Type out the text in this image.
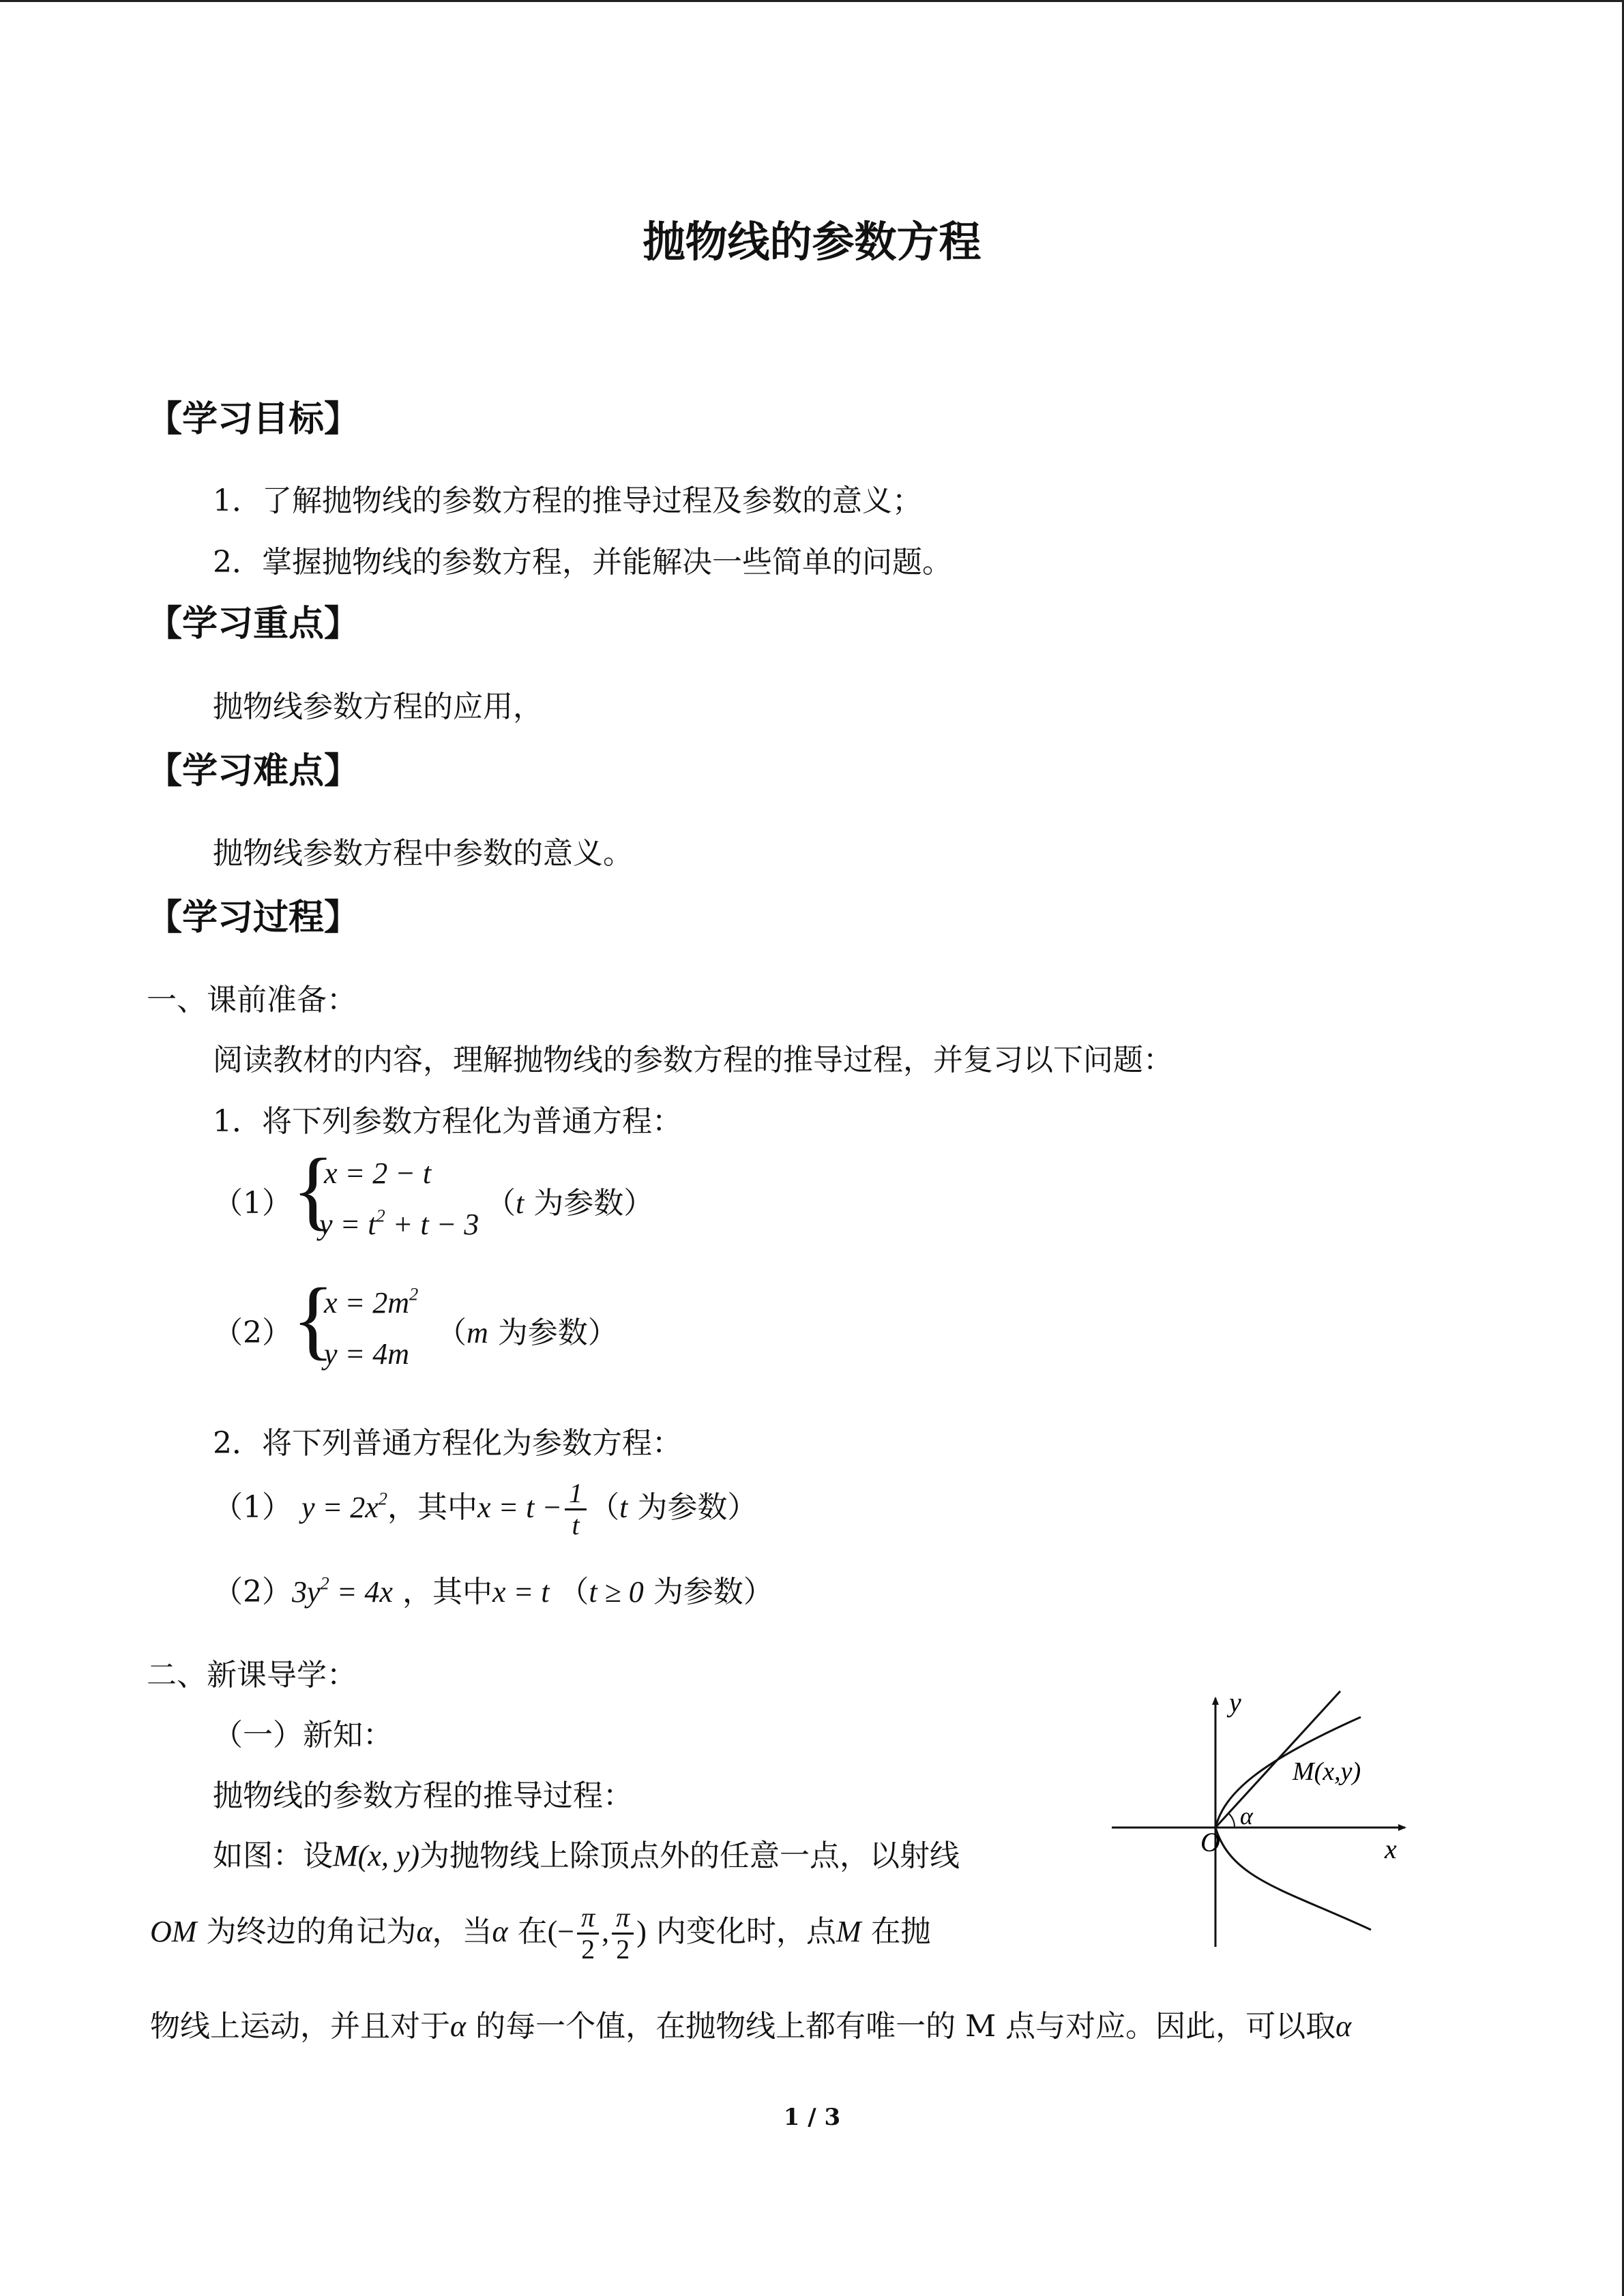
抛物线的参数方程
【学习目标】
1．了解抛物线的参数方程的推导过程及参数的意义；
2．掌握抛物线的参数方程，并能解决一些简单的问题。
【学习重点】
抛物线参数方程的应用，
【学习难点】
抛物线参数方程中参数的意义。
【学习过程】
一、课前准备：
阅读教材的内容，理解抛物线的参数方程的推导过程，并复习以下问题：
1．将下列参数方程化为普通方程：
（1） {
x = 2 − t
$y = t^2 + t - 3$
（t 为参数）
（2） {
$x = 2m^2$
y = 4m
（m 为参数）
2．将下列普通方程化为参数方程：
（1） $y = 2x^2$，其中$x = t - \frac{1}{t} (t$ 为参数）
$(2)3y^2 = 4x$ ，其中x = t （t ≥ 0 为参数）
二、新课导学：
（一）新知：
抛物线的参数方程的推导过程：
如图：设M(x, y)为抛物线上除顶点外的任意一点，以射线
OM 为终边的角记为α，当α 在(− $\frac{\pi}{2}$ , $\frac{\pi}{2}$ ) 内变化时，点M 在抛
物线上运动，并且对于α 的每一个值，在抛物线上都有唯一的 M 点与对应。因此，可以取α
y
x
O
M(x,y)
α
1 / 3
